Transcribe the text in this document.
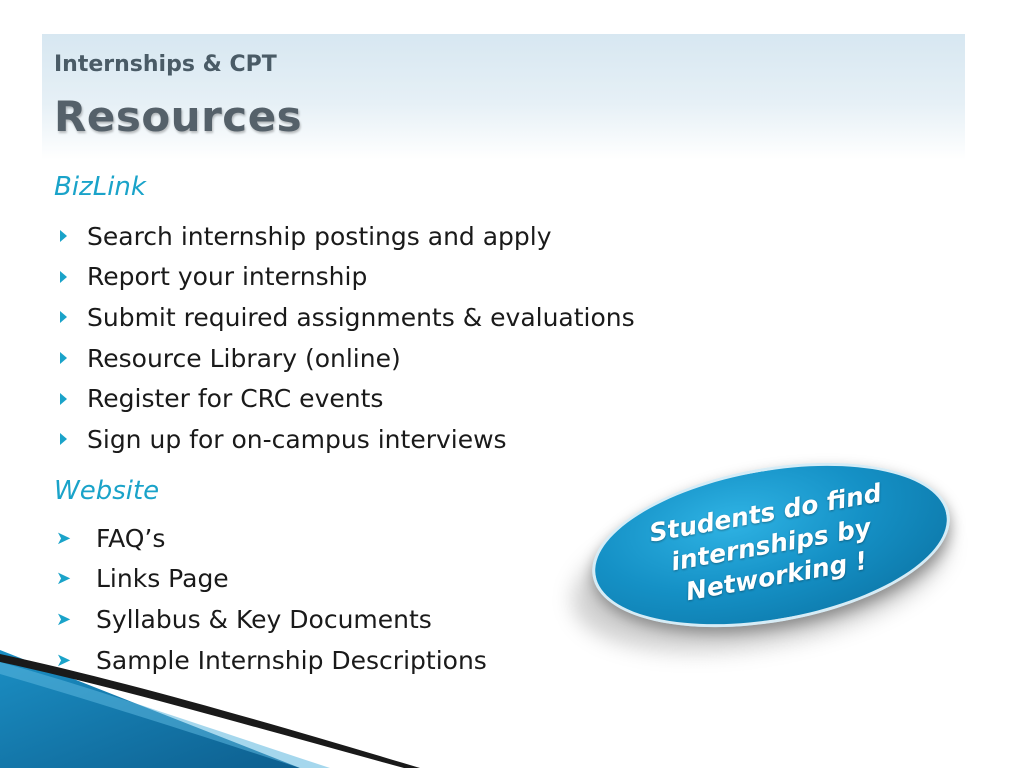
Internships & CPT
Resources
BizLink
Search internship postings and apply
Report your internship
Submit required assignments & evaluations
Resource Library (online)
Register for CRC events
Sign up for on-campus interviews
Website
➤ FAQ’s
➤ Links Page
➤ Syllabus & Key Documents
➤ Sample Internship Descriptions
Students do find internships by Networking !
